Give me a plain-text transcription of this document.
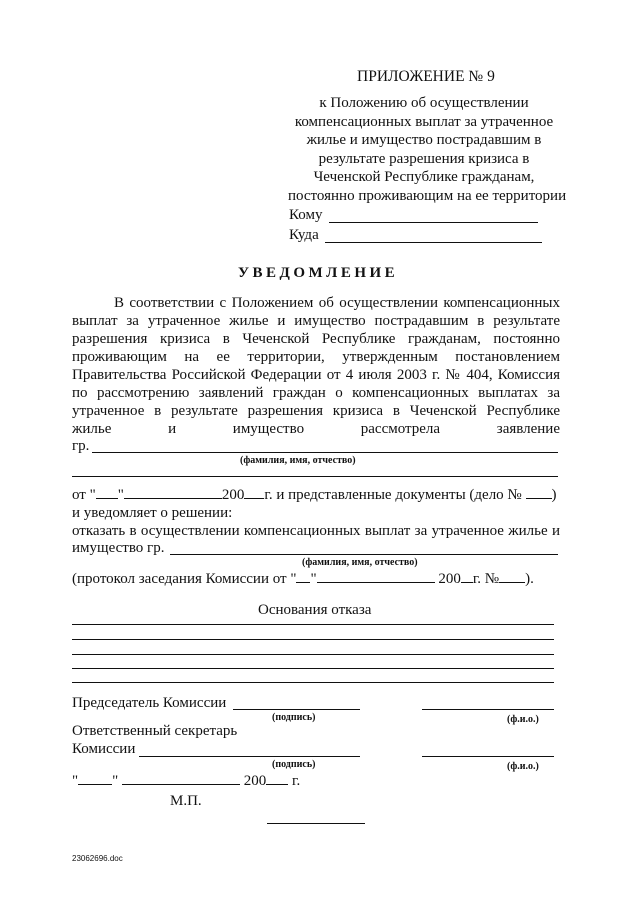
ПРИЛОЖЕНИЕ № 9
к Положению об осуществлении
компенсационных выплат за утраченное
жилье и имущество пострадавшим в
результате разрешения кризиса в
Чеченской Республике гражданам,
постоянно проживающим на ее территории
Кому
Куда
УВЕДОМЛЕНИЕ
В соответствии с Положением об осуществлении компенсационных
выплат за утраченное жилье и имущество пострадавшим в результате
разрешения кризиса в Чеченской Республике гражданам, постоянно
проживающим на ее территории, утвержденным постановлением
Правительства Российской Федерации от 4 июля 2003 г. № 404, Комиссия
по рассмотрению заявлений граждан о компенсационных выплатах за
утраченное в результате разрешения кризиса в Чеченской Республике
жилье и имущество рассмотрела заявление
гр.
(фамилия, имя, отчество)
от " "	200 г. и представленные документы (дело № )
и уведомляет о решении:
отказать в осуществлении компенсационных выплат за утраченное жилье и
имущество гр.
(фамилия, имя, отчество)
(протокол заседания Комиссии от " "	200 г. № ).
Основания отказа
Председатель Комиссии
(подпись)	(ф.и.о.)
Ответственный секретарь
Комиссии
(подпись)	(ф.и.о.)
" "	200 г.
М.П.
23062696.doc
